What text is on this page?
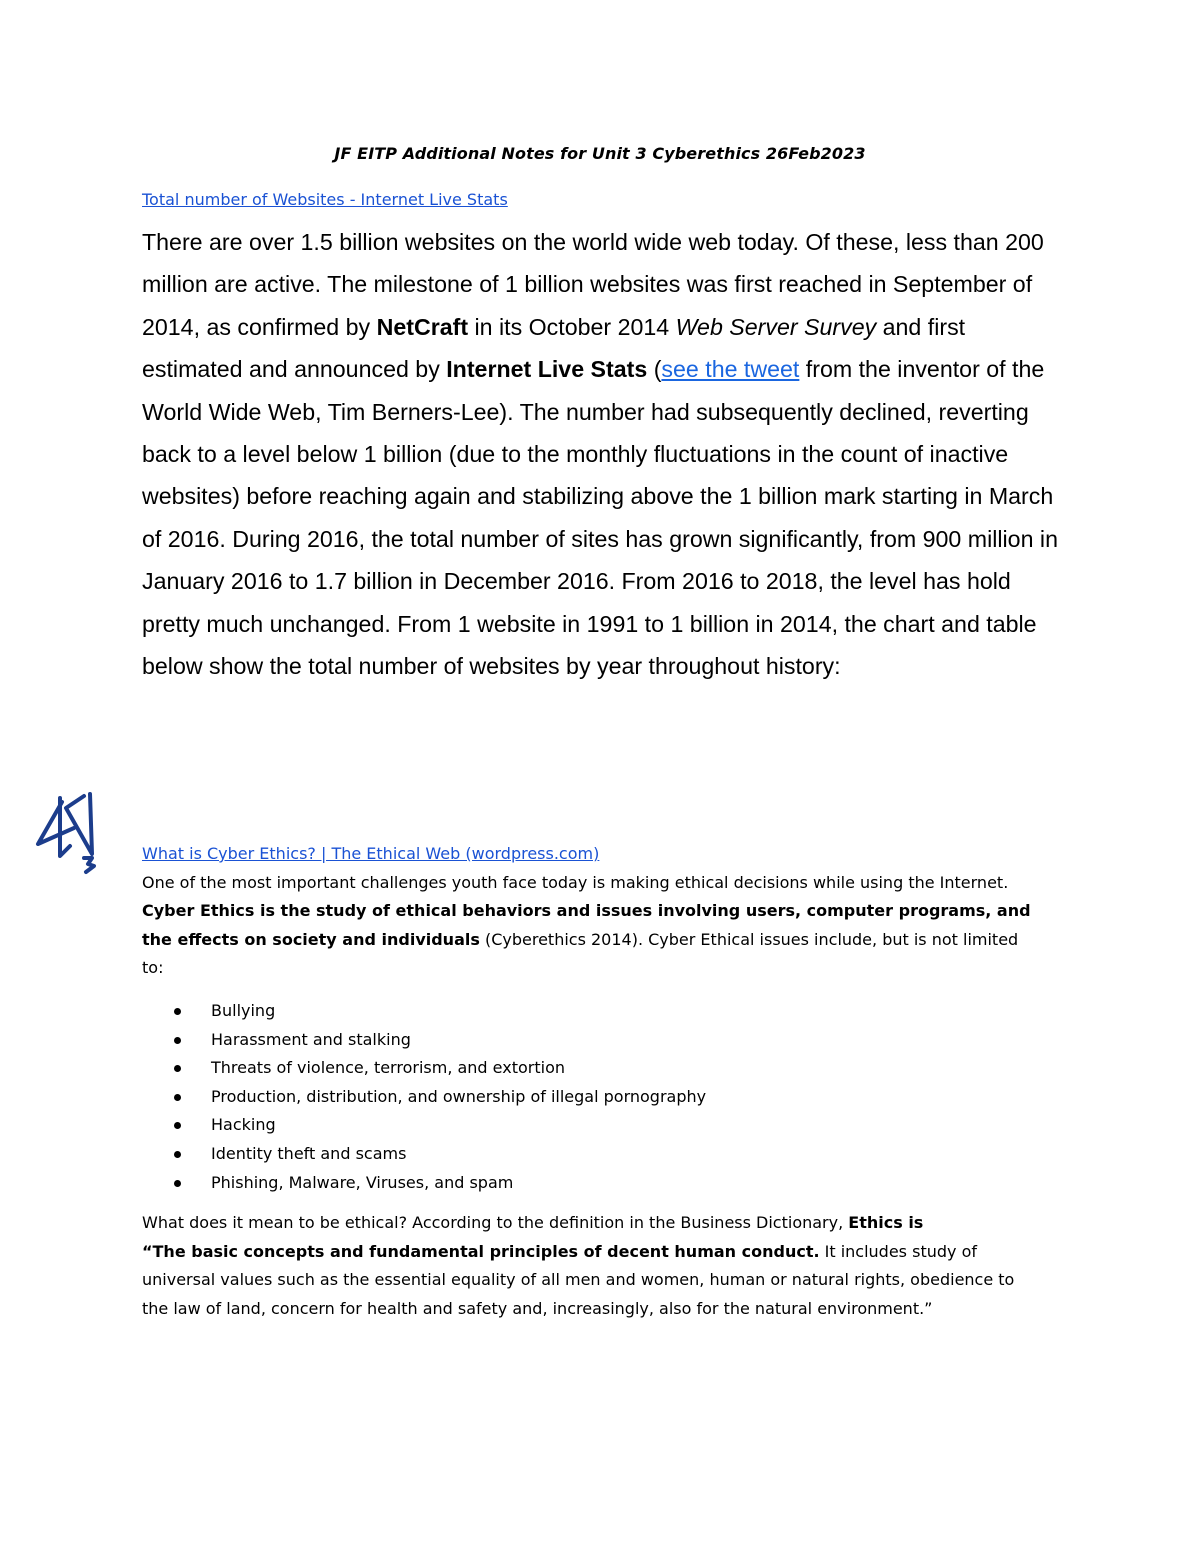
JF EITP Additional Notes for Unit 3 Cyberethics 26Feb2023
Total number of Websites - Internet Live Stats

There are over 1.5 billion websites on the world wide web today. Of these, less than 200 million are active. The milestone of 1 billion websites was first reached in September of 2014, as confirmed by NetCraft in its October 2014 Web Server Survey and first estimated and announced by Internet Live Stats (see the tweet from the inventor of the World Wide Web, Tim Berners-Lee). The number had subsequently declined, reverting back to a level below 1 billion (due to the monthly fluctuations in the count of inactive websites) before reaching again and stabilizing above the 1 billion mark starting in March of 2016. During 2016, the total number of sites has grown significantly, from 900 million in January 2016 to 1.7 billion in December 2016. From 2016 to 2018, the level has hold pretty much unchanged. From 1 website in 1991 to 1 billion in 2014, the chart and table below show the total number of websites by year throughout history:

What is Cyber Ethics? | The Ethical Web (wordpress.com)

One of the most important challenges youth face today is making ethical decisions while using the Internet. Cyber Ethics is the study of ethical behaviors and issues involving users, computer programs, and the effects on society and individuals (Cyberethics 2014). Cyber Ethical issues include, but is not limited to:

Bullying
Harassment and stalking
Threats of violence, terrorism, and extortion
Production, distribution, and ownership of illegal pornography
Hacking
Identity theft and scams
Phishing, Malware, Viruses, and spam

What does it mean to be ethical? According to the definition in the Business Dictionary, Ethics is
“The basic concepts and fundamental principles of decent human conduct. It includes study of universal values such as the essential equality of all men and women, human or natural rights, obedience to the law of land, concern for health and safety and, increasingly, also for the natural environment.”
